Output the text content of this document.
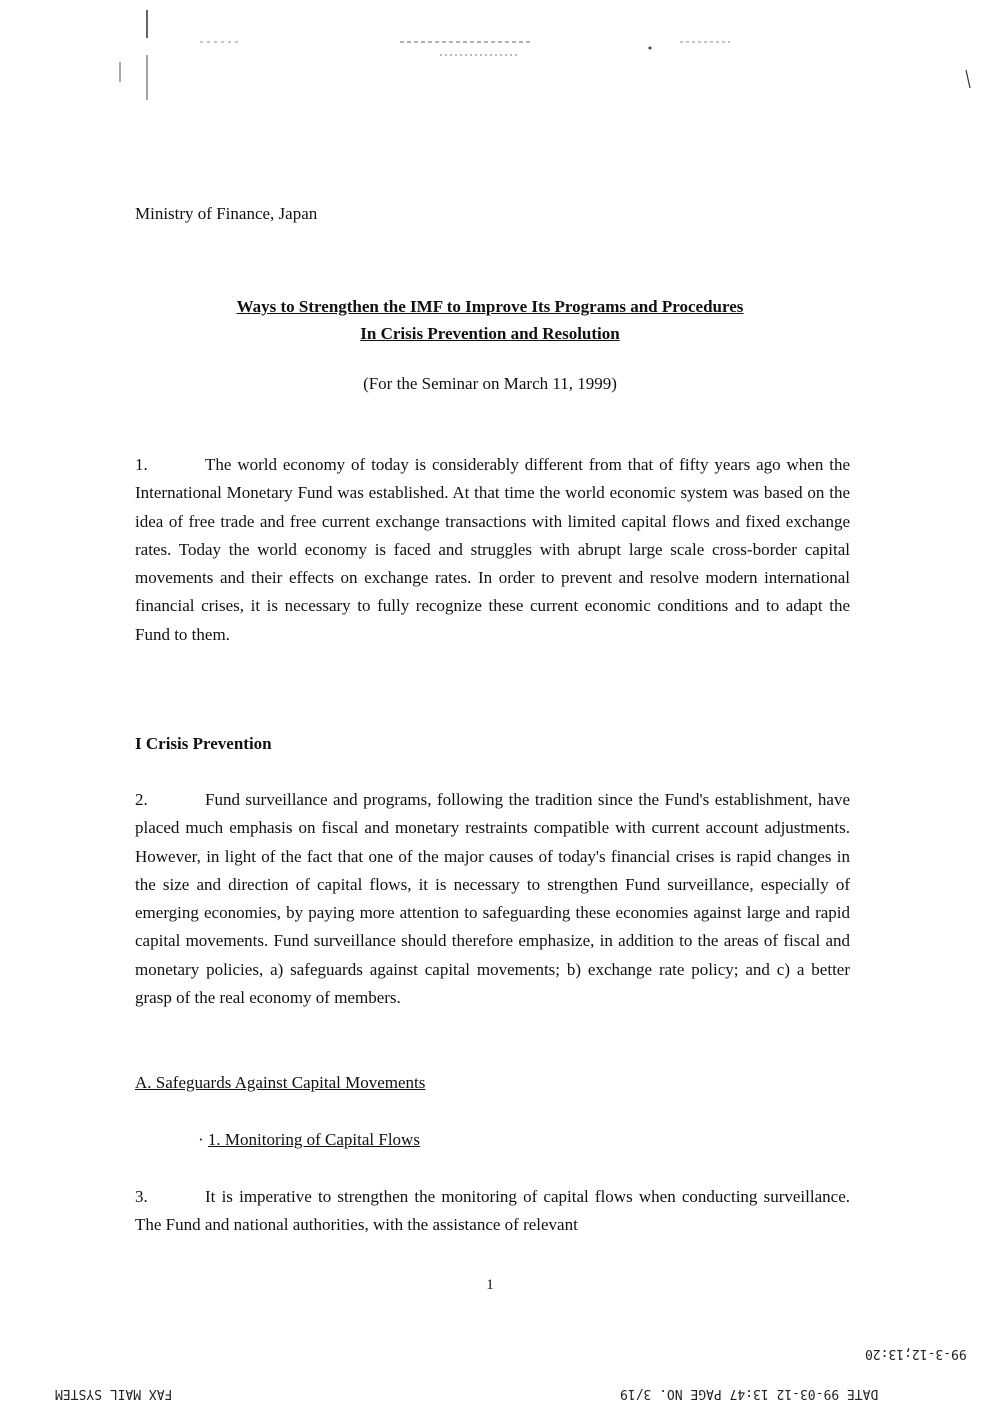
Ministry of Finance, Japan

Ways to Strengthen the IMF to Improve Its Programs and Procedures

In Crisis Prevention and Resolution

(For the Seminar on March 11, 1999)

1.	The world economy of today is considerably different from that of fifty years ago when the International Monetary Fund was established. At that time the world economic system was based on the idea of free trade and free current exchange transactions with limited capital flows and fixed exchange rates. Today the world economy is faced and struggles with abrupt large scale cross-border capital movements and their effects on exchange rates. In order to prevent and resolve modern international financial crises, it is necessary to fully recognize these current economic conditions and to adapt the Fund to them.

I Crisis Prevention

2.	Fund surveillance and programs, following the tradition since the Fund's establishment, have placed much emphasis on fiscal and monetary restraints compatible with current account adjustments. However, in light of the fact that one of the major causes of today's financial crises is rapid changes in the size and direction of capital flows, it is necessary to strengthen Fund surveillance, especially of emerging economies, by paying more attention to safeguarding these economies against large and rapid capital movements. Fund surveillance should therefore emphasize, in addition to the areas of fiscal and monetary policies, a) safeguards against capital movements; b) exchange rate policy; and c) a better grasp of the real economy of members.

A. Safeguards Against Capital Movements

· 1. Monitoring of Capital Flows

3.	It is imperative to strengthen the monitoring of capital flows when conducting surveillance. The Fund and national authorities, with the assistance of relevant

1

FAX MAIL SYSTEM	DATE 99-03-12 13:47 PAGE NO. 3/19

99-3-12;13:20
